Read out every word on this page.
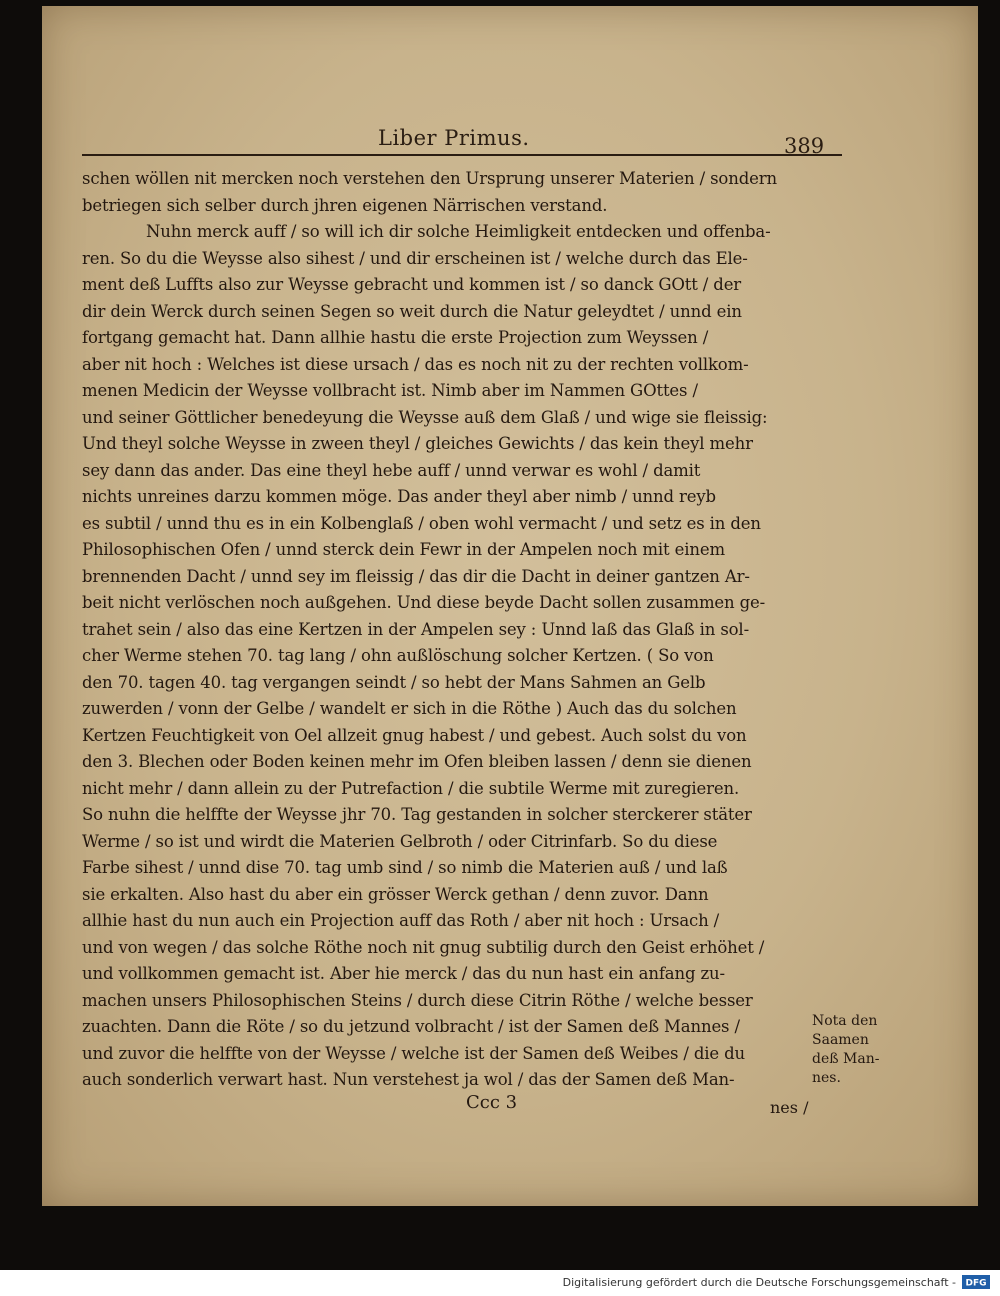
Liber Primus.	389
schen wöllen nit mercken noch verstehen den Ursprung unserer Materien / sondern
betriegen sich selber durch jhren eigenen Närrischen verstand.
Nuhn merck auff / so will ich dir solche Heimligkeit entdecken und offenba-
ren. So du die Weysse also sihest / und dir erscheinen ist / welche durch das Ele-
ment deß Luffts also zur Weysse gebracht und kommen ist / so danck GOtt / der
dir dein Werck durch seinen Segen so weit durch die Natur geleydtet / unnd ein
fortgang gemacht hat. Dann allhie hastu die erste Projection zum Weyssen /
aber nit hoch : Welches ist diese ursach / das es noch nit zu der rechten vollkom-
menen Medicin der Weysse vollbracht ist. Nimb aber im Nammen GOttes /
und seiner Göttlicher benedeyung die Weysse auß dem Glaß / und wige sie fleissig:
Und theyl solche Weysse in zween theyl / gleiches Gewichts / das kein theyl mehr
sey dann das ander. Das eine theyl hebe auff / unnd verwar es wohl / damit
nichts unreines darzu kommen möge. Das ander theyl aber nimb / unnd reyb
es subtil / unnd thu es in ein Kolbenglaß / oben wohl vermacht / und setz es in den
Philosophischen Ofen / unnd sterck dein Fewr in der Ampelen noch mit einem
brennenden Dacht / unnd sey im fleissig / das dir die Dacht in deiner gantzen Ar-
beit nicht verlöschen noch außgehen. Und diese beyde Dacht sollen zusammen ge-
trahet sein / also das eine Kertzen in der Ampelen sey : Unnd laß das Glaß in sol-
cher Werme stehen 70. tag lang / ohn außlöschung solcher Kertzen. ( So von
den 70. tagen 40. tag vergangen seindt / so hebt der Mans Sahmen an Gelb
zuwerden / vonn der Gelbe / wandelt er sich in die Röthe ) Auch das du solchen
Kertzen Feuchtigkeit von Oel allzeit gnug habest / und gebest. Auch solst du von
den 3. Blechen oder Boden keinen mehr im Ofen bleiben lassen / denn sie dienen
nicht mehr / dann allein zu der Putrefaction / die subtile Werme mit zuregieren.
So nuhn die helffte der Weysse jhr 70. Tag gestanden in solcher sterckerer stäter
Werme / so ist und wirdt die Materien Gelbroth / oder Citrinfarb. So du diese
Farbe sihest / unnd dise 70. tag umb sind / so nimb die Materien auß / und laß
sie erkalten. Also hast du aber ein grösser Werck gethan / denn zuvor. Dann
allhie hast du nun auch ein Projection auff das Roth / aber nit hoch : Ursach /
und von wegen / das solche Röthe noch nit gnug subtilig durch den Geist erhöhet /
und vollkommen gemacht ist. Aber hie merck / das du nun hast ein anfang zu-
machen unsers Philosophischen Steins / durch diese Citrin Röthe / welche besser
zuachten. Dann die Röte / so du jetzund volbracht / ist der Samen deß Mannes /
und zuvor die helffte von der Weysse / welche ist der Samen deß Weibes / die du
auch sonderlich verwart hast. Nun verstehest ja wol / das der Samen deß Man-
Nota den
Saamen
deß Man-
nes.
Ccc 3	nes /
Digitalisierung gefördert durch die Deutsche Forschungsgemeinschaft - DFG
